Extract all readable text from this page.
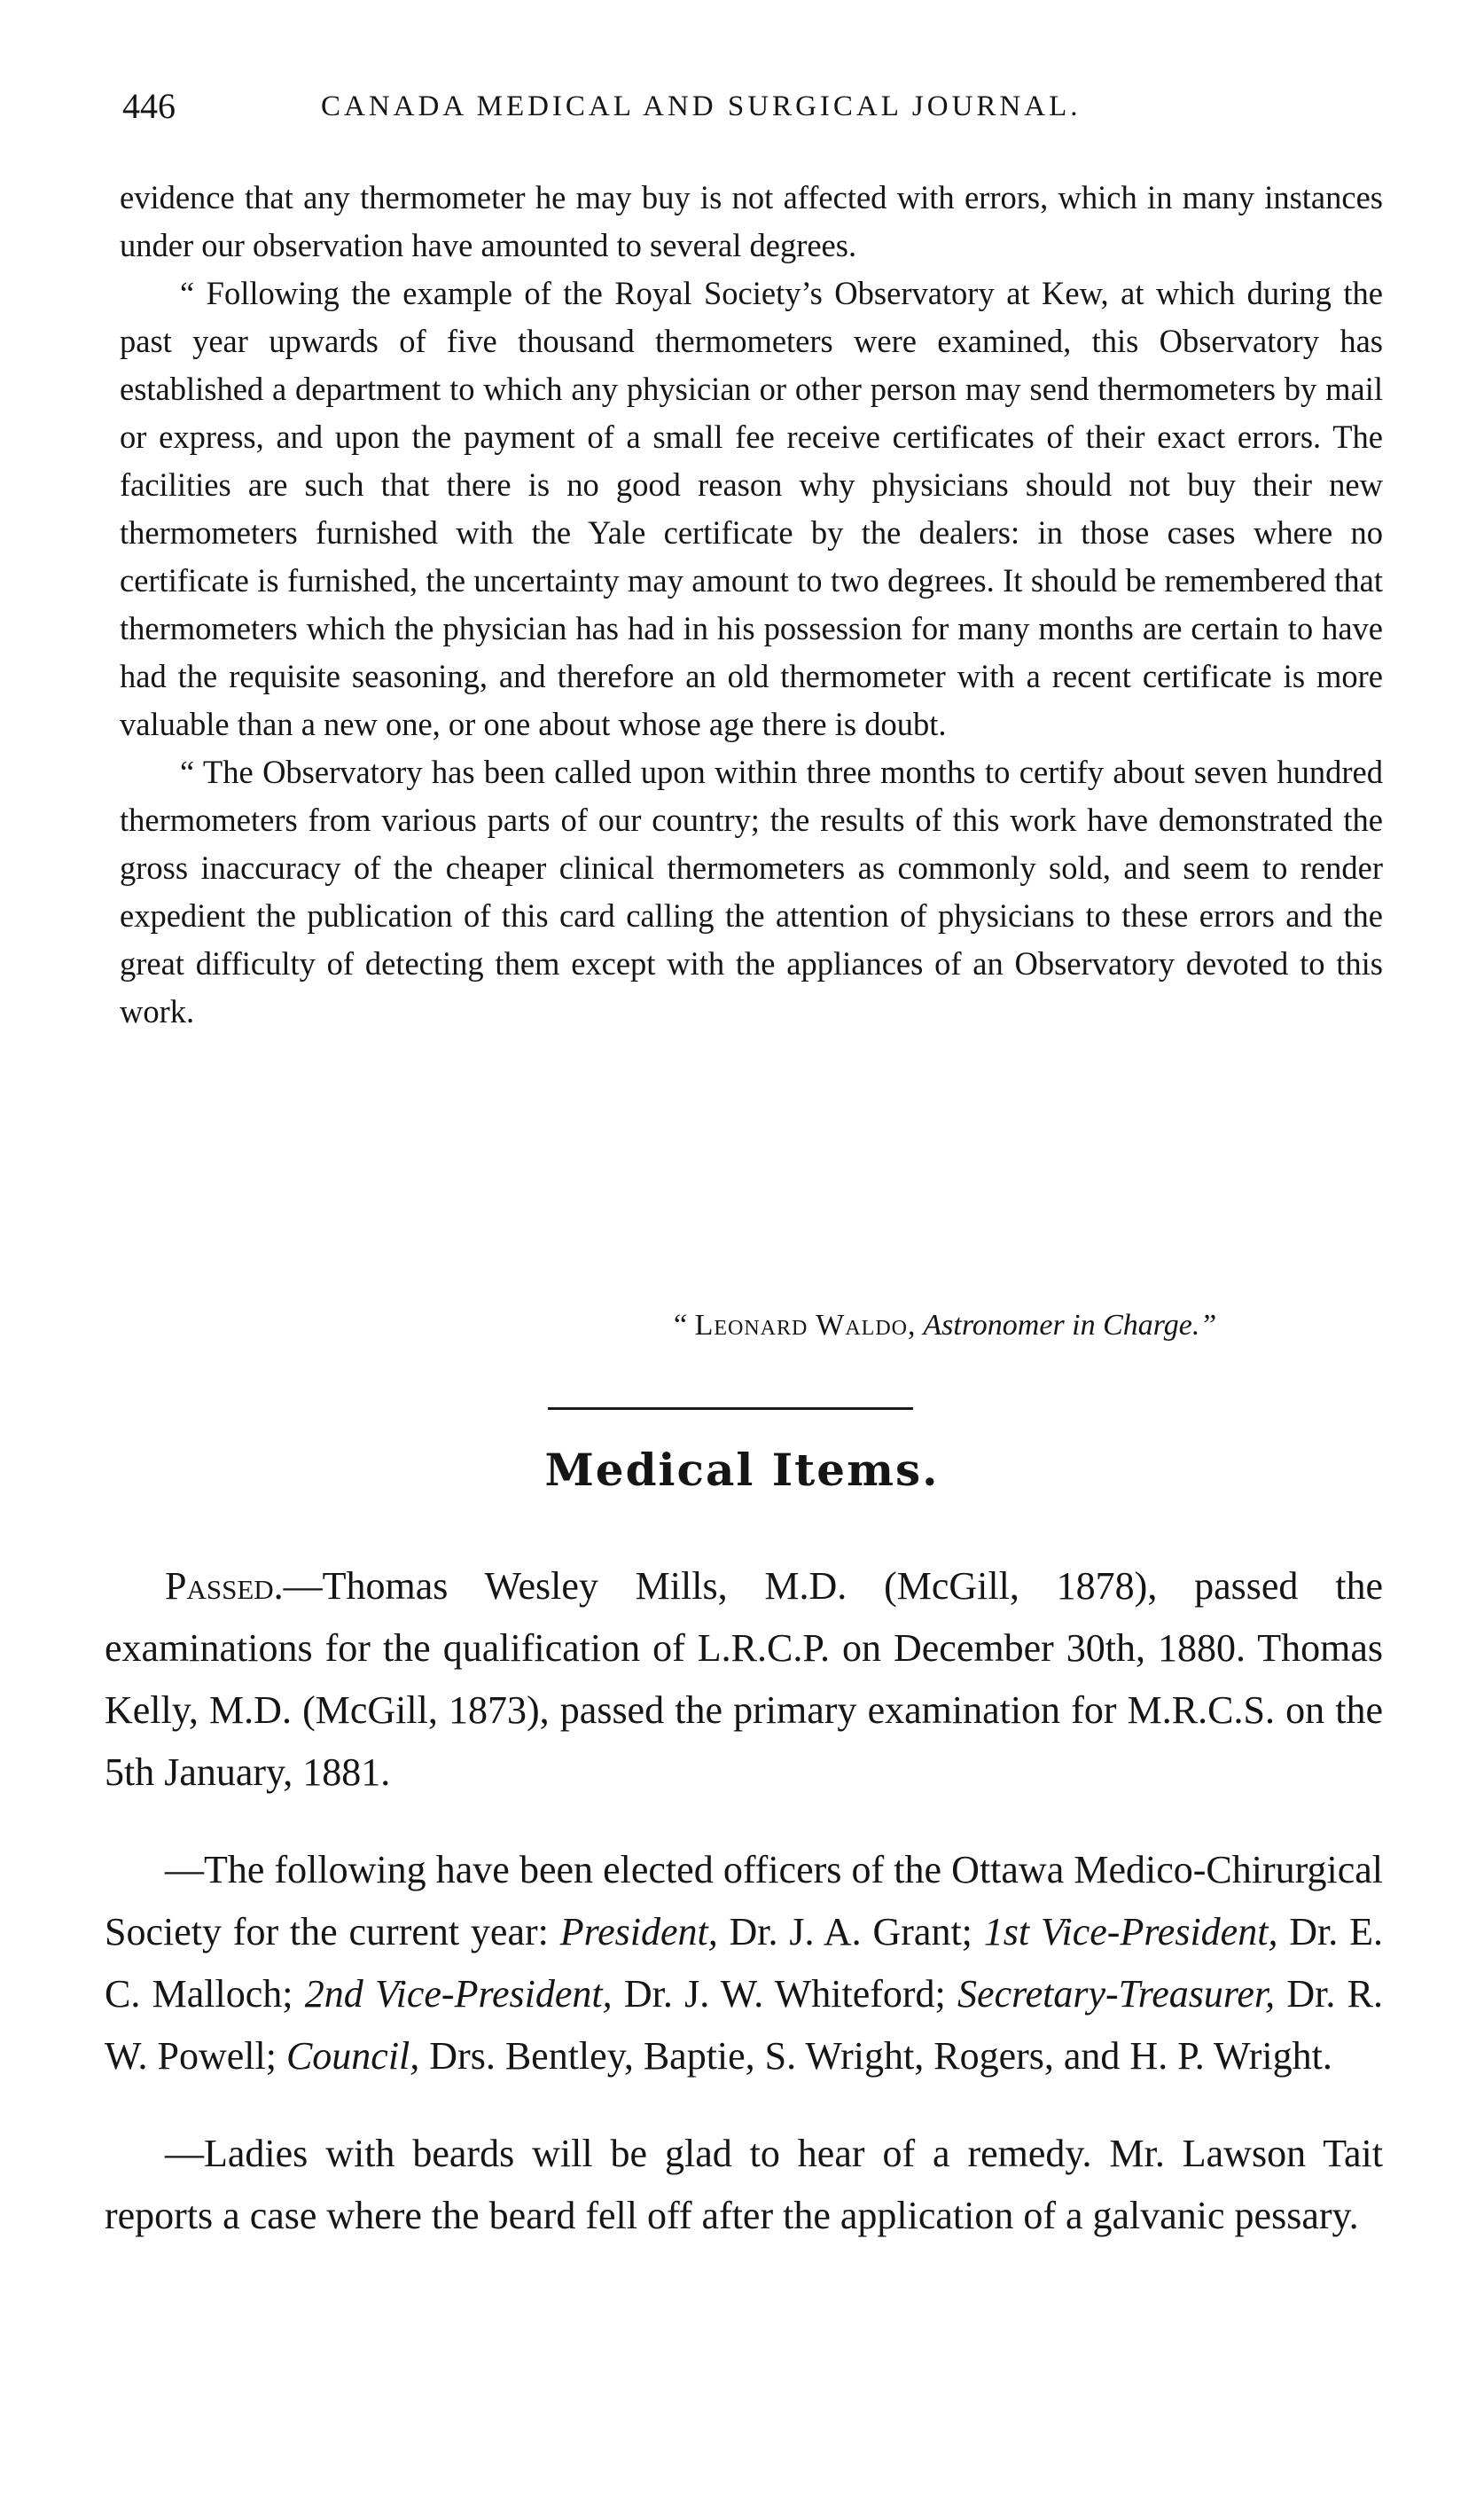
446	CANADA MEDICAL AND SURGICAL JOURNAL.

evidence that any thermometer he may buy is not affected with errors, which in many instances under our observation have amounted to several degrees.

“ Following the example of the Royal Society’s Observatory at Kew, at which during the past year upwards of five thousand thermometers were examined, this Observatory has established a department to which any physician or other person may send thermometers by mail or express, and upon the payment of a small fee receive certificates of their exact errors. The facilities are such that there is no good reason why physicians should not buy their new thermometers furnished with the Yale certificate by the dealers: in those cases where no certificate is furnished, the uncertainty may amount to two degrees. It should be remembered that thermometers which the physician has had in his possession for many months are certain to have had the requisite seasoning, and therefore an old thermometer with a recent certificate is more valuable than a new one, or one about whose age there is doubt.

“ The Observatory has been called upon within three months to certify about seven hundred thermometers from various parts of our country; the results of this work have demonstrated the gross inaccuracy of the cheaper clinical thermometers as commonly sold, and seem to render expedient the publication of this card calling the attention of physicians to these errors and the great difficulty of detecting them except with the appliances of an Observatory devoted to this work.

“ Leonard Waldo, Astronomer in Charge.”
Medical Items.

Passed.—Thomas Wesley Mills, M.D. (McGill, 1878), passed the examinations for the qualification of L.R.C.P. on December 30th, 1880. Thomas Kelly, M.D. (McGill, 1873), passed the primary examination for M.R.C.S. on the 5th January, 1881.

—The following have been elected officers of the Ottawa Medico-Chirurgical Society for the current year: President, Dr. J. A. Grant; 1st Vice-President, Dr. E. C. Malloch; 2nd Vice-President, Dr. J. W. Whiteford; Secretary-Treasurer, Dr. R. W. Powell; Council, Drs. Bentley, Baptie, S. Wright, Rogers, and H. P. Wright.

—Ladies with beards will be glad to hear of a remedy. Mr. Lawson Tait reports a case where the beard fell off after the application of a galvanic pessary.
